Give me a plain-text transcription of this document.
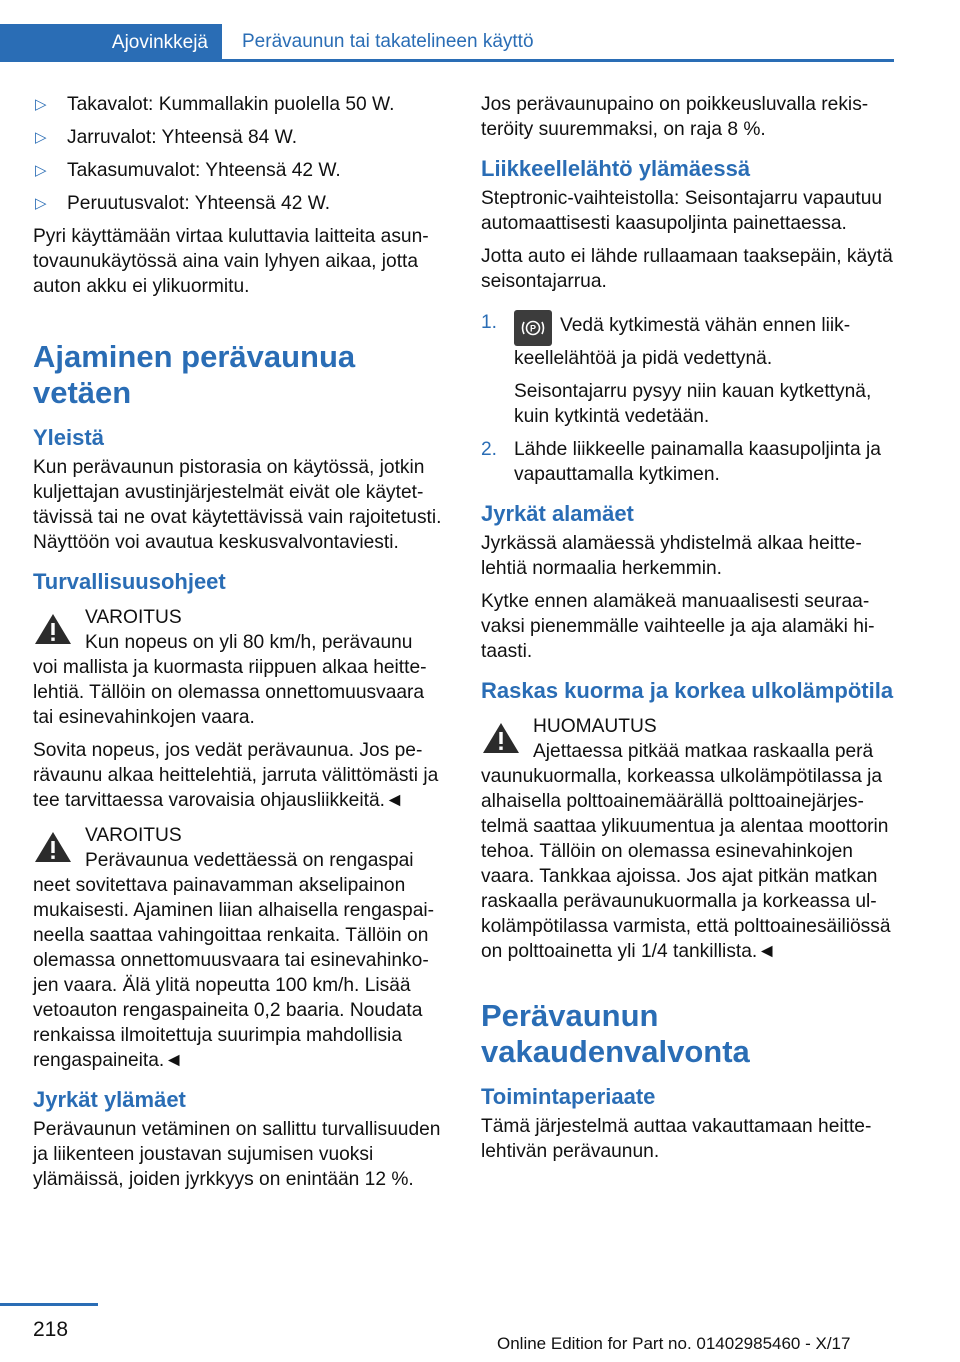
Ajovinkkejä	Perävaunun tai takatelineen käyttö
▷	Takavalot: Kummallakin puolella 50 W.
▷	Jarruvalot: Yhteensä 84 W.
▷	Takasumuvalot: Yhteensä 42 W.
▷	Peruutusvalot: Yhteensä 42 W.

Pyri käyttämään virtaa kuluttavia laitteita asuntovaunukäytössä aina vain lyhyen aikaa, jotta auton akku ei ylikuormitu.

Ajaminen perävaunua vetäen
Yleistä

Kun perävaunun pistorasia on käytössä, jotkin kuljettajan avustinjärjestelmät eivät ole käytettävissä tai ne ovat käytettävissä vain rajoitetusti. Näyttöön voi avautua keskusvalvontaviesti.

Turvallisuusohjeet

VAROITUS

Kun nopeus on yli 80 km/h, perävaunu

voi mallista ja kuormasta riippuen alkaa heittelehtiä. Tällöin on olemassa onnettomuusvaara tai esinevahinkojen vaara.

Sovita nopeus, jos vedät perävaunua. Jos perävaunu alkaa heittelehtiä, jarruta välittömästi ja tee tarvittaessa varovaisia ohjausliikkeitä.◄

VAROITUS

Perävaunua vedettäessä on rengaspai

neet sovitettava painavamman akselipainon mukaisesti. Ajaminen liian alhaisella rengaspaineella saattaa vahingoittaa renkaita. Tällöin on olemassa onnettomuusvaara tai esinevahinkojen vaara. Älä ylitä nopeutta 100 km/h. Lisää vetoauton rengaspaineita 0,2 baaria. Noudata renkaissa ilmoitettuja suurimpia mahdollisia rengaspaineita.◄

Jyrkät ylämäet

Perävaunun vetäminen on sallittu turvallisuuden ja liikenteen joustavan sujumisen vuoksi ylämäissä, joiden jyrkkyys on enintään 12 %.

Jos perävaunupaino on poikkeusluvalla rekisteröity suuremmaksi, on raja 8 %.

Liikkeellelähtö ylämäessä

Steptronic-vaihteistolla: Seisontajarru vapautuu automaattisesti kaasupoljinta painettaessa.

Jotta auto ei lähde rullaamaan taaksepäin, käytä seisontajarrua.

1.	P Vedä kytkimestä vähän ennen liikkeellelähtöä ja pidä vedettynä.

Seisontajarru pysyy niin kauan kytkettynä, kuin kytkintä vedetään.

2. Lähde liikkeelle painamalla kaasupoljinta ja vapauttamalla kytkimen.
Jyrkät alamäet

Jyrkässä alamäessä yhdistelmä alkaa heittelehtiä normaalia herkemmin.

Kytke ennen alamäkeä manuaalisesti seuraavaksi pienemmälle vaihteelle ja aja alamäki hitaasti.

Raskas kuorma ja korkea ulkolämpötila

HUOMAUTUS

Ajettaessa pitkää matkaa raskaalla perä

vaunukuormalla, korkeassa ulkolämpötilassa ja alhaisella polttoainemäärällä polttoainejärjestelmä saattaa ylikuumentua ja alentaa moottorin tehoa. Tällöin on olemassa esinevahinkojen vaara. Tankkaa ajoissa. Jos ajat pitkän matkan raskaalla perävaunukuormalla ja korkeassa ulkolämpötilassa varmista, että polttoainesäiliössä on polttoainetta yli 1/4 tankillista.◄

Perävaunun vakaudenvalvonta
Toimintaperiaate

Tämä järjestelmä auttaa vakauttamaan heittelehtivän perävaunun.

218
Online Edition for Part no. 01402985460 - X/17
